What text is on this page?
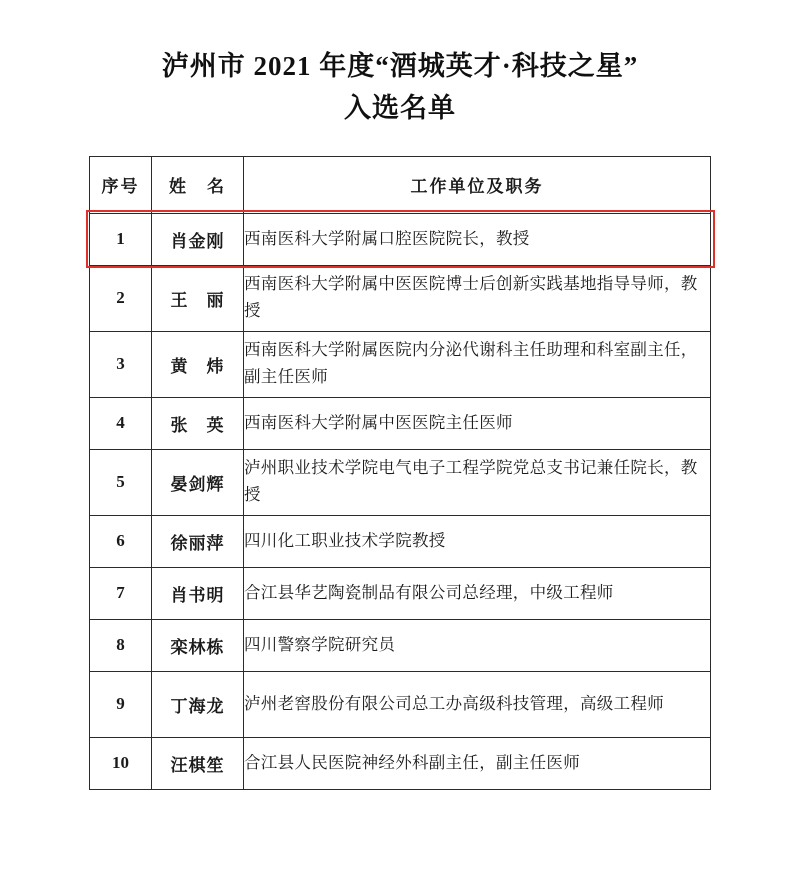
泸州市 2021 年度“酒城英才·科技之星”
入选名单
序号	姓　名	工作单位及职务
1	肖金刚	西南医科大学附属口腔医院院长，教授
2	王　丽	西南医科大学附属中医医院博士后创新实践基地指导导师，教授
3	黄　炜	西南医科大学附属医院内分泌代谢科主任助理和科室副主任，副主任医师
4	张　英	西南医科大学附属中医医院主任医师
5	晏剑辉	泸州职业技术学院电气电子工程学院党总支书记兼任院长，教授
6	徐丽萍	四川化工职业技术学院教授
7	肖书明	合江县华艺陶瓷制品有限公司总经理，中级工程师
8	栾林栋	四川警察学院研究员
9	丁海龙	泸州老窖股份有限公司总工办高级科技管理，高级工程师
10	汪棋笙	合江县人民医院神经外科副主任，副主任医师
